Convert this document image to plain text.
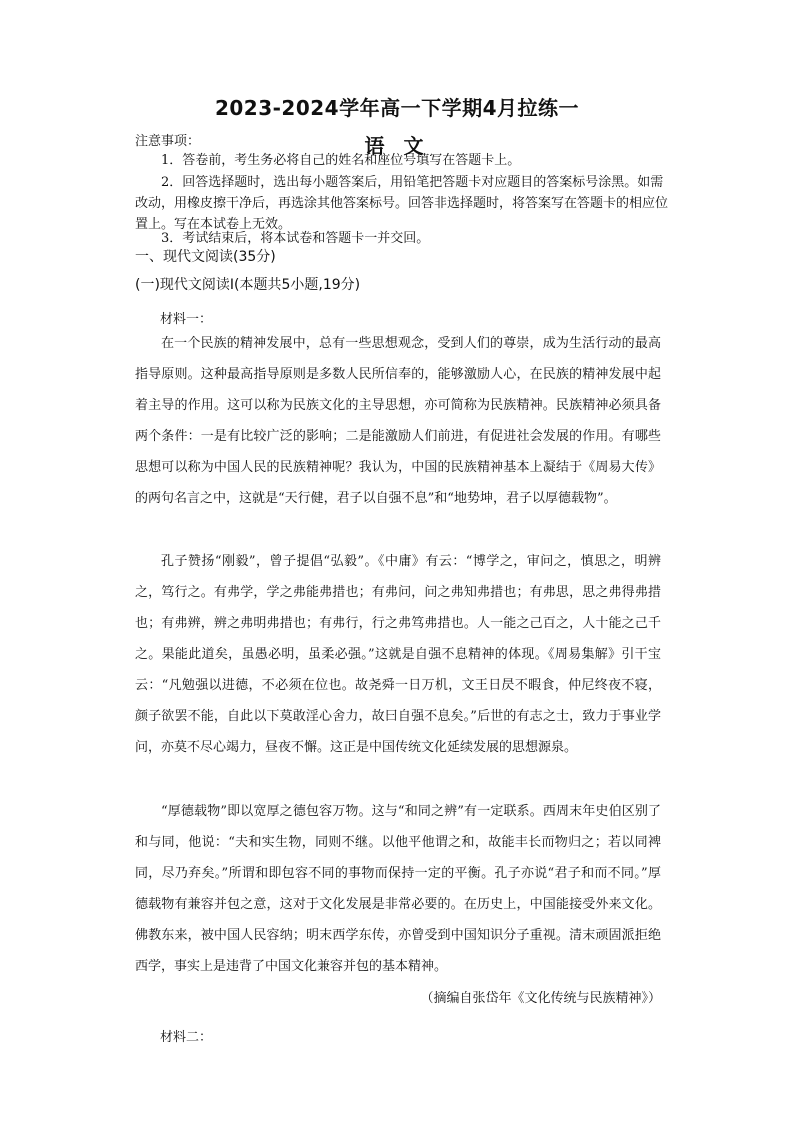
2023-2024学年高一下学期4月拉练一
语 文
注意事项：
1．答卷前，考生务必将自己的姓名和座位号填写在答题卡上。
2．回答选择题时，选出每小题答案后，用铅笔把答题卡对应题目的答案标号涂黑。如需改动，用橡皮擦干净后，再选涂其他答案标号。回答非选择题时，将答案写在答题卡的相应位置上。写在本试卷上无效。
3．考试结束后，将本试卷和答题卡一并交回。
一、现代文阅读(35分)
(一)现代文阅读Ⅰ(本题共5小题,19分)
材料一：
在一个民族的精神发展中，总有一些思想观念，受到人们的尊崇，成为生活行动的最高指导原则。这种最高指导原则是多数人民所信奉的，能够激励人心，在民族的精神发展中起着主导的作用。这可以称为民族文化的主导思想，亦可简称为民族精神。民族精神必须具备两个条件：一是有比较广泛的影响；二是能激励人们前进，有促进社会发展的作用。有哪些思想可以称为中国人民的民族精神呢？我认为，中国的民族精神基本上凝结于《周易大传》的两句名言之中，这就是“天行健，君子以自强不息”和“地势坤，君子以厚德载物”。
孔子赞扬“刚毅”，曾子提倡“弘毅”。《中庸》有云：“博学之，审问之，慎思之，明辨之，笃行之。有弗学，学之弗能弗措也；有弗问，问之弗知弗措也；有弗思，思之弗得弗措也；有弗辨，辨之弗明弗措也；有弗行，行之弗笃弗措也。人一能之己百之，人十能之己千之。果能此道矣，虽愚必明，虽柔必强。”这就是自强不息精神的体现。《周易集解》引干宝云：“凡勉强以进德，不必须在位也。故尧舜一日万机，文王日昃不暇食，仲尼终夜不寝，颜子欲罢不能，自此以下莫敢淫心舍力，故曰自强不息矣。”后世的有志之士，致力于事业学问，亦莫不尽心竭力，昼夜不懈。这正是中国传统文化延续发展的思想源泉。
“厚德载物”即以宽厚之德包容万物。这与“和同之辨”有一定联系。西周末年史伯区别了和与同，他说：“夫和实生物，同则不继。以他平他谓之和，故能丰长而物归之；若以同裨同，尽乃弃矣。”所谓和即包容不同的事物而保持一定的平衡。孔子亦说“君子和而不同。”厚德载物有兼容并包之意，这对于文化发展是非常必要的。在历史上，中国能接受外来文化。佛教东来，被中国人民容纳；明末西学东传，亦曾受到中国知识分子重视。清末顽固派拒绝西学，事实上是违背了中国文化兼容并包的基本精神。
（摘编自张岱年《文化传统与民族精神》）
材料二：
